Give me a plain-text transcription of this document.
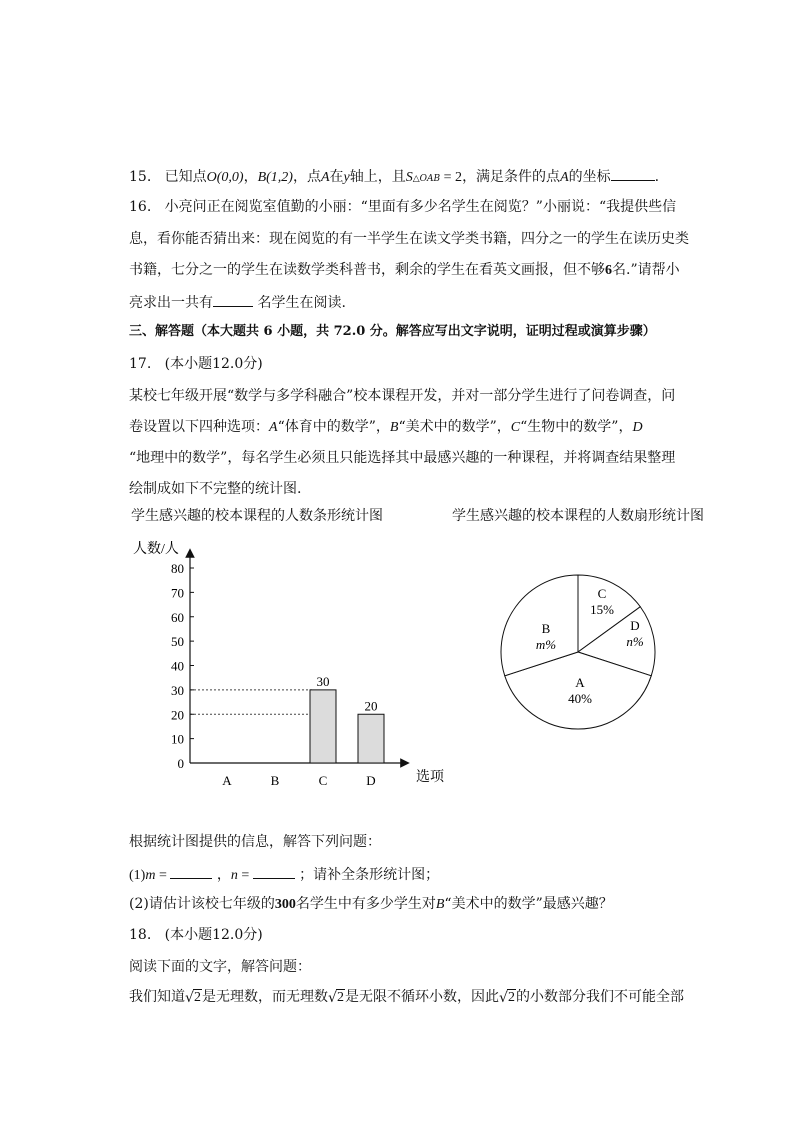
15. 已知点O(0,0)，B(1,2)，点A在y轴上，且S△OAB = 2，满足条件的点A的坐标	.
16. 小亮问正在阅览室值勤的小丽：“里面有多少名学生在阅览？”小丽说：“我提供些信
息，看你能否猜出来：现在阅览的有一半学生在读文学类书籍，四分之一的学生在读历史类
书籍，七分之一的学生在读数学类科普书，剩余的学生在看英文画报，但不够6名.”请帮小
亮求出一共有	名学生在阅读.
三、解答题（本大题共 6 小题，共 72.0 分。解答应写出文字说明，证明过程或演算步骤）
17. (本小题12.0分)
某校七年级开展“数学与多学科融合”校本课程开发，并对一部分学生进行了问卷调查，问
卷设置以下四种选项：A“体育中的数学”，B“美术中的数学”，C“生物中的数学”，D
“地理中的数学”，每名学生必须且只能选择其中最感兴趣的一种课程，并将调查结果整理
绘制成如下不完整的统计图.
学生感兴趣的校本课程的人数条形统计图	学生感兴趣的校本课程的人数扇形统计图
人数/人
选项
0
10
20
30
40
50
60
70
80
30
20
A	B	C	D
C
15%
D
n%
A
40%
B
m%
根据统计图提供的信息，解答下列问题：
(1)m =	，n =	；请补全条形统计图；
(2)请估计该校七年级的300名学生中有多少学生对B“美术中的数学”最感兴趣？
18. (本小题12.0分)
阅读下面的文字，解答问题：
我们知道 √ 2是无理数，而无理数 √ 2是无限不循环小数，因此 √ 2的小数部分我们不可能全部
